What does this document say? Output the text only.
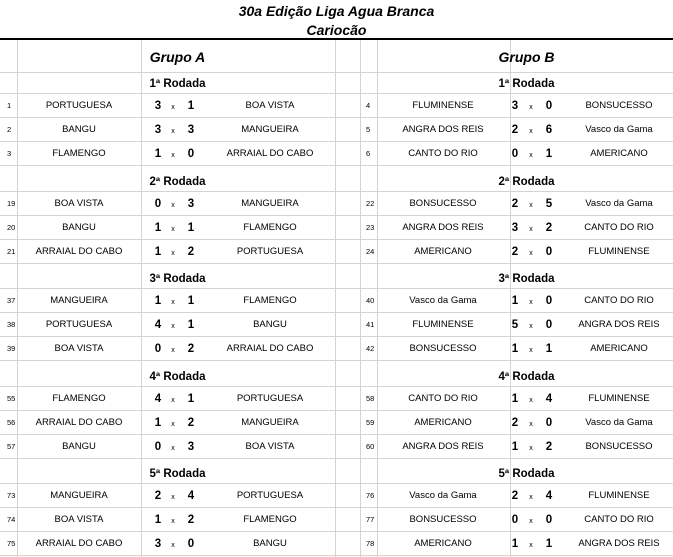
30a Edição Liga Agua Branca
Cariocão
Grupo A
1ª Rodada
1	PORTUGUESA	3	x	1	BOA VISTA
2	BANGU	3	x	3	MANGUEIRA
3	FLAMENGO	1	x	0	ARRAIAL DO CABO
2ª Rodada
19	BOA VISTA	0	x	3	MANGUEIRA
20	BANGU	1	x	1	FLAMENGO
21	ARRAIAL DO CABO	1	x	2	PORTUGUESA
3ª Rodada
37	MANGUEIRA	1	x	1	FLAMENGO
38	PORTUGUESA	4	x	1	BANGU
39	BOA VISTA	0	x	2	ARRAIAL DO CABO
4ª Rodada
55	FLAMENGO	4	x	1	PORTUGUESA
56	ARRAIAL DO CABO	1	x	2	MANGUEIRA
57	BANGU	0	x	3	BOA VISTA
5ª Rodada
73	MANGUEIRA	2	x	4	PORTUGUESA
74	BOA VISTA	1	x	2	FLAMENGO
75	ARRAIAL DO CABO	3	x	0	BANGU
Grupo B
1ª Rodada
4	FLUMINENSE	3	x	0	BONSUCESSO
5	ANGRA DOS REIS	2	x	6	Vasco da Gama
6	CANTO DO RIO	0	x	1	AMERICANO
2ª Rodada
22	BONSUCESSO	2	x	5	Vasco da Gama
23	ANGRA DOS REIS	3	x	2	CANTO DO RIO
24	AMERICANO	2	x	0	FLUMINENSE
3ª Rodada
40	Vasco da Gama	1	x	0	CANTO DO RIO
41	FLUMINENSE	5	x	0	ANGRA DOS REIS
42	BONSUCESSO	1	x	1	AMERICANO
4ª Rodada
58	CANTO DO RIO	1	x	4	FLUMINENSE
59	AMERICANO	2	x	0	Vasco da Gama
60	ANGRA DOS REIS	1	x	2	BONSUCESSO
5ª Rodada
76	Vasco da Gama	2	x	4	FLUMINENSE
77	BONSUCESSO	0	x	0	CANTO DO RIO
78	AMERICANO	1	x	1	ANGRA DOS REIS
